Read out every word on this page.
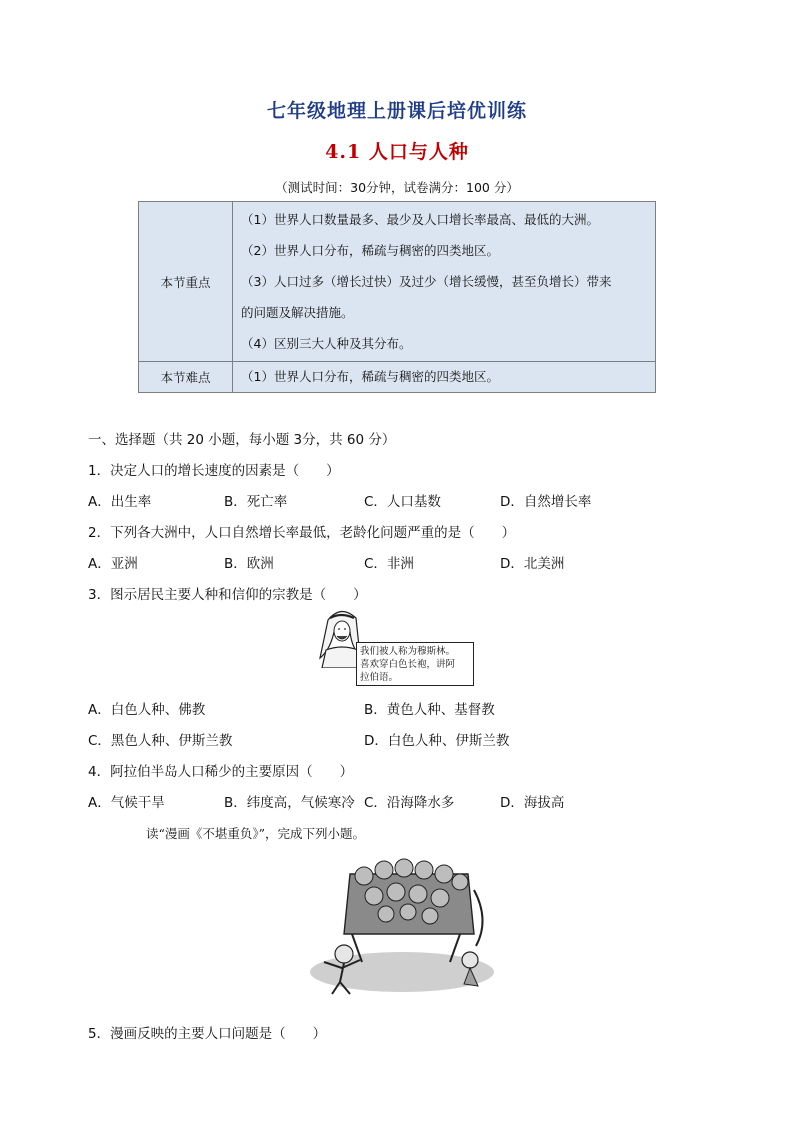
七年级地理上册课后培优训练
4.1 人口与人种
（测试时间：30分钟，试卷满分：100 分）
本节重点	（1）世界人口数量最多、最少及人口增长率最高、最低的大洲。
（2）世界人口分布，稀疏与稠密的四类地区。
（3）人口过多（增长过快）及过少（增长缓慢，甚至负增长）带来
的问题及解决措施。
（4）区别三大人种及其分布。

本节难点	（1）世界人口分布，稀疏与稠密的四类地区。
一、选择题（共 20 小题，每小题 3分，共 60 分）
1．决定人口的增长速度的因素是（　　）
A．出生率	B．死亡率	C．人口基数	D．自然增长率
2．下列各大洲中，人口自然增长率最低，老龄化问题严重的是（　　）
A．亚洲	B．欧洲	C．非洲	D．北美洲
3．图示居民主要人种和信仰的宗教是（　　）
我们被人称为穆斯林。
喜欢穿白色长袍，讲阿
拉伯语。
A．白色人种、佛教	B．黄色人种、基督教
C．黑色人种、伊斯兰教	D．白色人种、伊斯兰教
4．阿拉伯半岛人口稀少的主要原因（　　）
A．气候干旱	B．纬度高，气候寒冷 C．沿海降水多	D．海拔高
读“漫画《不堪重负》”，完成下列小题。
5．漫画反映的主要人口问题是（　　）
